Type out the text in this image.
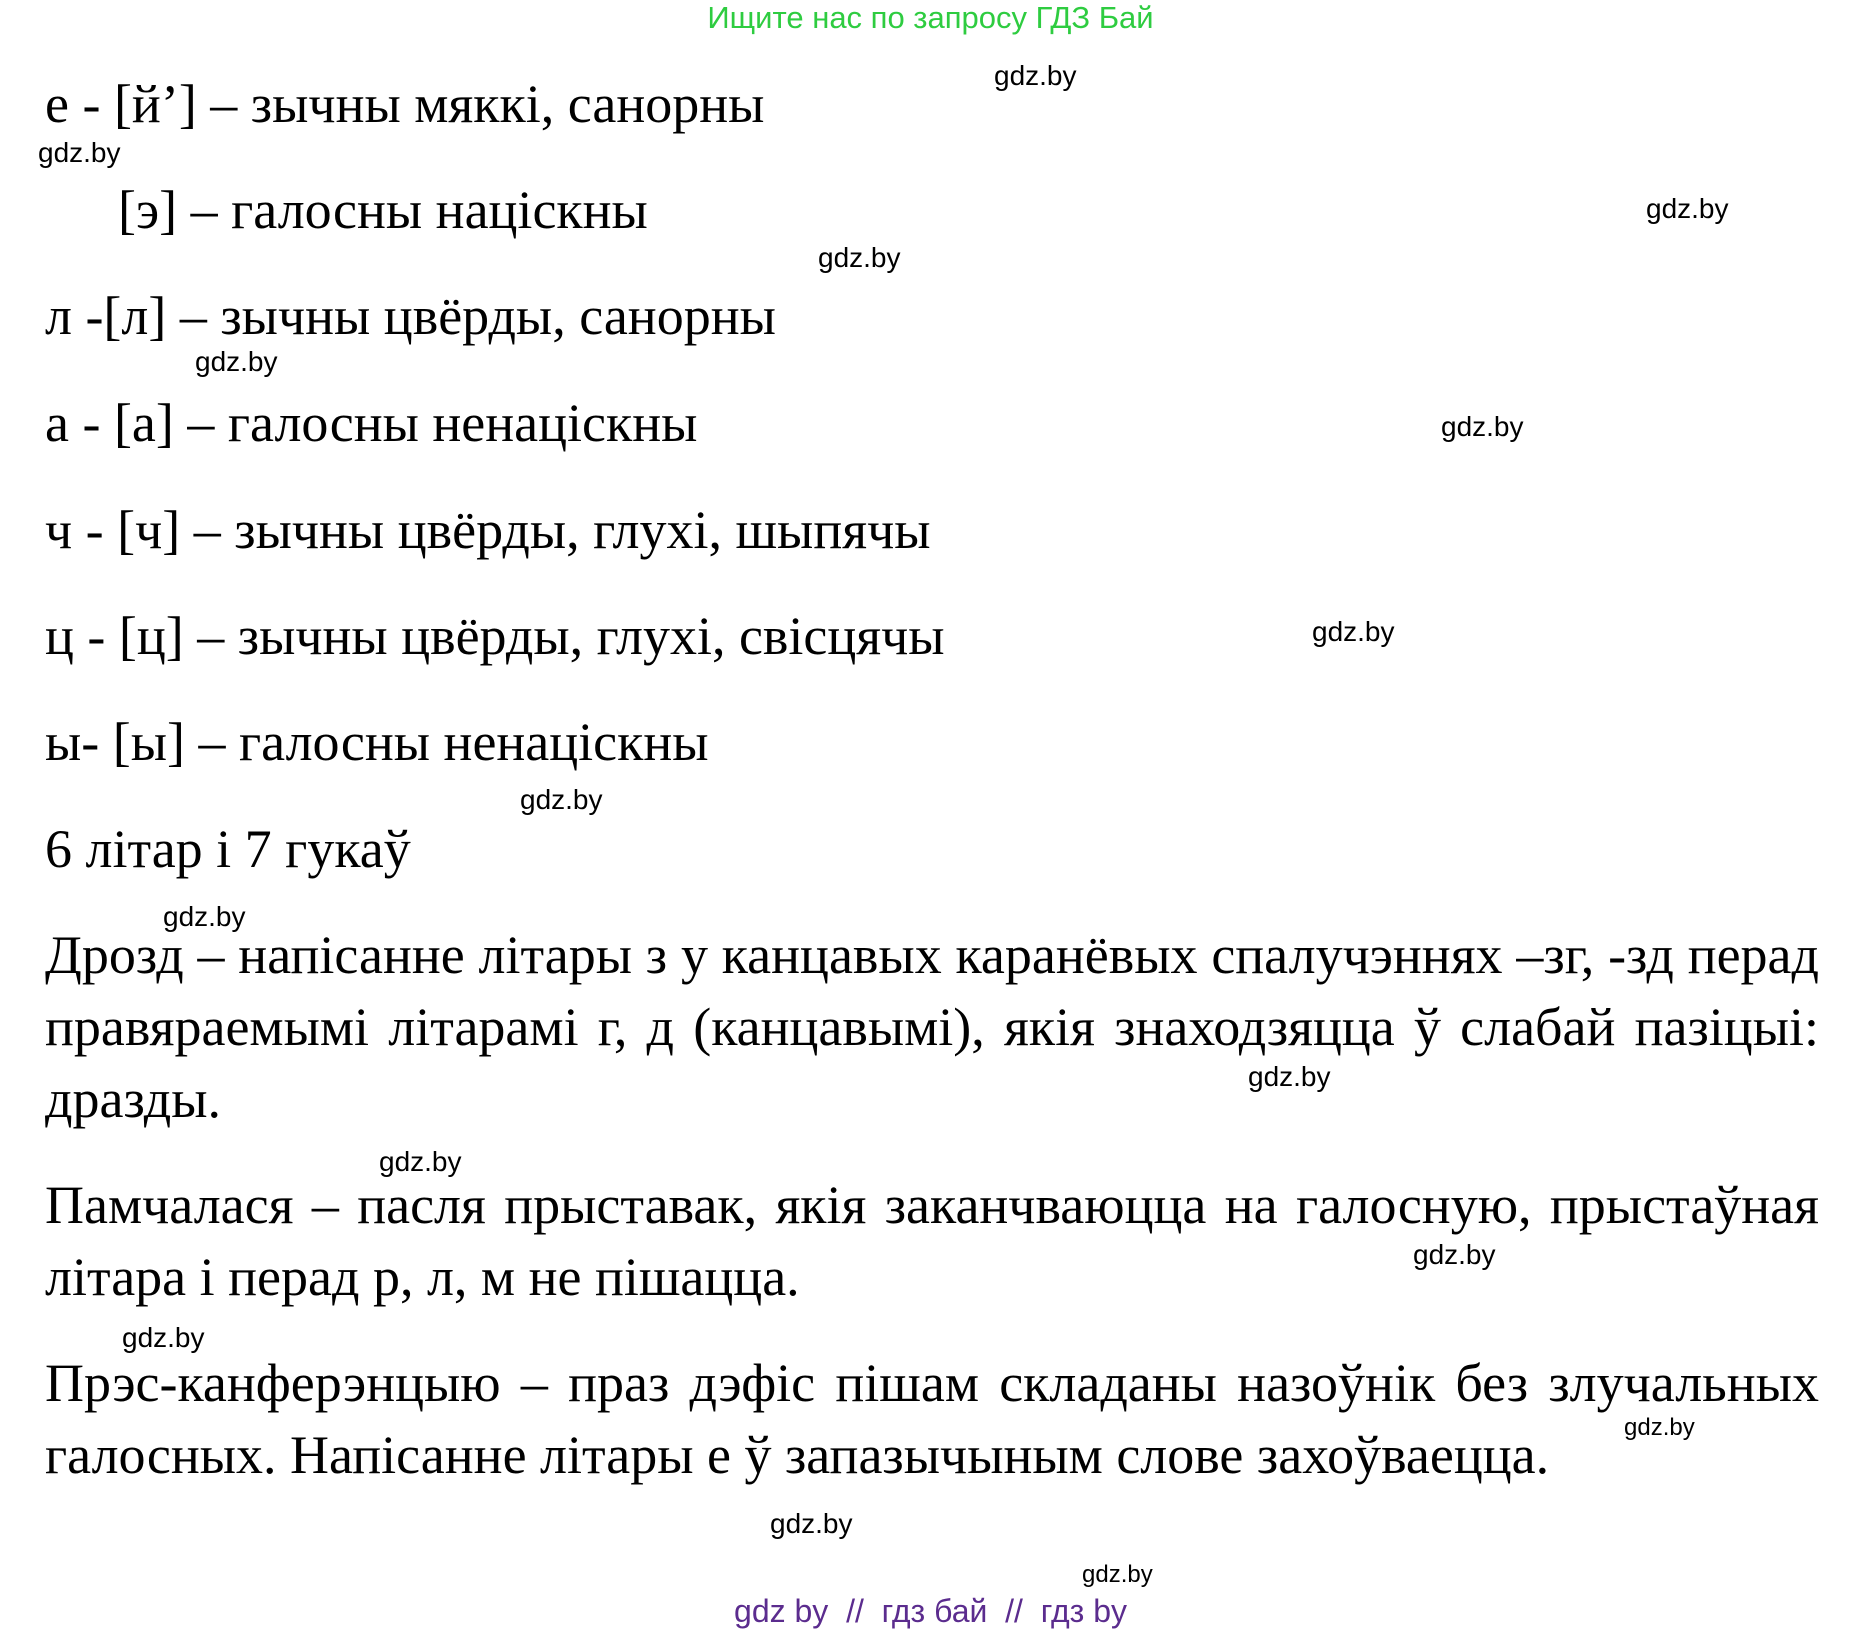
Ищите нас по запросу ГДЗ Бай
е - [й’] – зычны мяккі, санорны
[э] – галосны націскны
л -[л] – зычны цвёрды, санорны
а - [а] – галосны ненаціскны
ч - [ч] – зычны цвёрды, глухі, шыпячы
ц - [ц] – зычны цвёрды, глухі, свісцячы
ы- [ы] – галосны ненаціскны
6 літар і 7 гукаў
Дрозд – напісанне літары з у канцавых каранёвых спалучэннях –зг, -зд перад правяраемымі літарамі г, д (канцавымі), якія знаходзяцца ў слабай пазіцыі: дразды.
Памчалася – пасля прыставак, якія заканчваюцца на галосную, прыстаўная літара і перад р, л, м не пішацца.
Прэс-канферэнцыю – праз дэфіс пішам складаны назоўнік без злучальных галосных. Напісанне літары е ў запазычыным слове захоўваецца.
gdz.by
gdz.by
gdz.by
gdz.by
gdz.by
gdz.by
gdz.by
gdz.by
gdz.by
gdz.by
gdz.by
gdz.by
gdz.by
gdz.by
gdz.by
gdz.by
gdz by  //  гдз бай  //  гдз by
